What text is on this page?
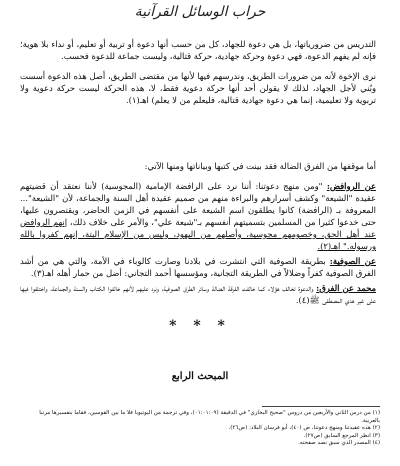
حراب الوسائل القرآنية

التدريس من ضرورياتها، بل هي دعوة للجهاد، كل من حسب أنها دعوة أو تربية أو تعليم، أو نداء بلا هوية؛ فإنه لم يفهم الدعوة، فهي دعوة وحركة جهادية، حركة قتالية، وليست جماعة للدعوة فحسب.

نرى الإخوة لأنه من ضرورات الطريق، وندرسهم فيها لأنها من مقتضى الطريق، أصل هذه الدعوة أسست وبُني لأجل الجهاد، لذلك لا يقولن أحد أنها حركة دعوية فقط، لا، هذه الحركة ليست حركة دعوية ولا تربوية ولا تعليمية، إنما هي دعوة جهادية قتالية، فليعلم من لا يعلم) اهـ(١).

أما موقفها من الفرق الضالة فقد بينت في كتبها وبياناتها ومنها الآتي:

عن الروافض: "ومن منهج دعوتنا: أننا نرد على الرافضة الإمامية (المجوسية) لأننا نعتقد أن قضيتهم عقيدة "الشيعة" وكشف أسرارهم والبراءة منهم من صميم عقيدة أهل السنة والجماعة، لأن "الشيعة"... المعروفة بـ (الرافضة) كانوا يطلقون اسم الشيعة على أنفسهم في الزمن الحاضر، ويقتصرون عليها، حتى خدعوا كثيرا من المسلمين بتسميتهم أنفسهم بـ"شيعة علي"، والأمر على خلاف ذلك، إنهم الروافض عند أهل الحق، وخصومهم مجوسية، وأصلهم من اليهود، وليس من الإسلام البتة، إنهم كفروا بالله ورسوله." اهـ(٢).
عن الصوفية: بطريقة الصوفية التي انتشرت في بلادنا وصارت كالوباء في الأمة، والتي هي من أشد الفرق الصوفية كفراً وضلالاً في الطريقة التجانية، ومؤسسها أحمد التجاني: أضل من حمار أهله اهـ(٣).
محمد عن الفرق: والدعوة تخالف هؤلاء كما خالفت الفرقة الضالة وسائر الطرق الصوفية، ونرد عليهم لأنهم خالفوا الكتاب والسنة والجماعة، واختلفوا فيها على غير هدي المصطفى ﷺ(٤).
* * *
المبحث الرابع
(١) من درس الثاني والأربعين من دروس "صحيح البخاري" في الدقيقة (٠١:٠١:٠٩)، وفي ترجمة من اليوتيوبا فلا ما بين القوسين، فقاما بتفسيرها مرتبا بالعربية.
(٢) هذه عقيدتنا ومنهج دعوتنا، ص (٤٠)، أبو فرسان البلاذ: (ص٢٦).
(٣) انظر المرجع السابق (ص٢٧).
(٤) المصدر الذي سبق نصد صفحته.
